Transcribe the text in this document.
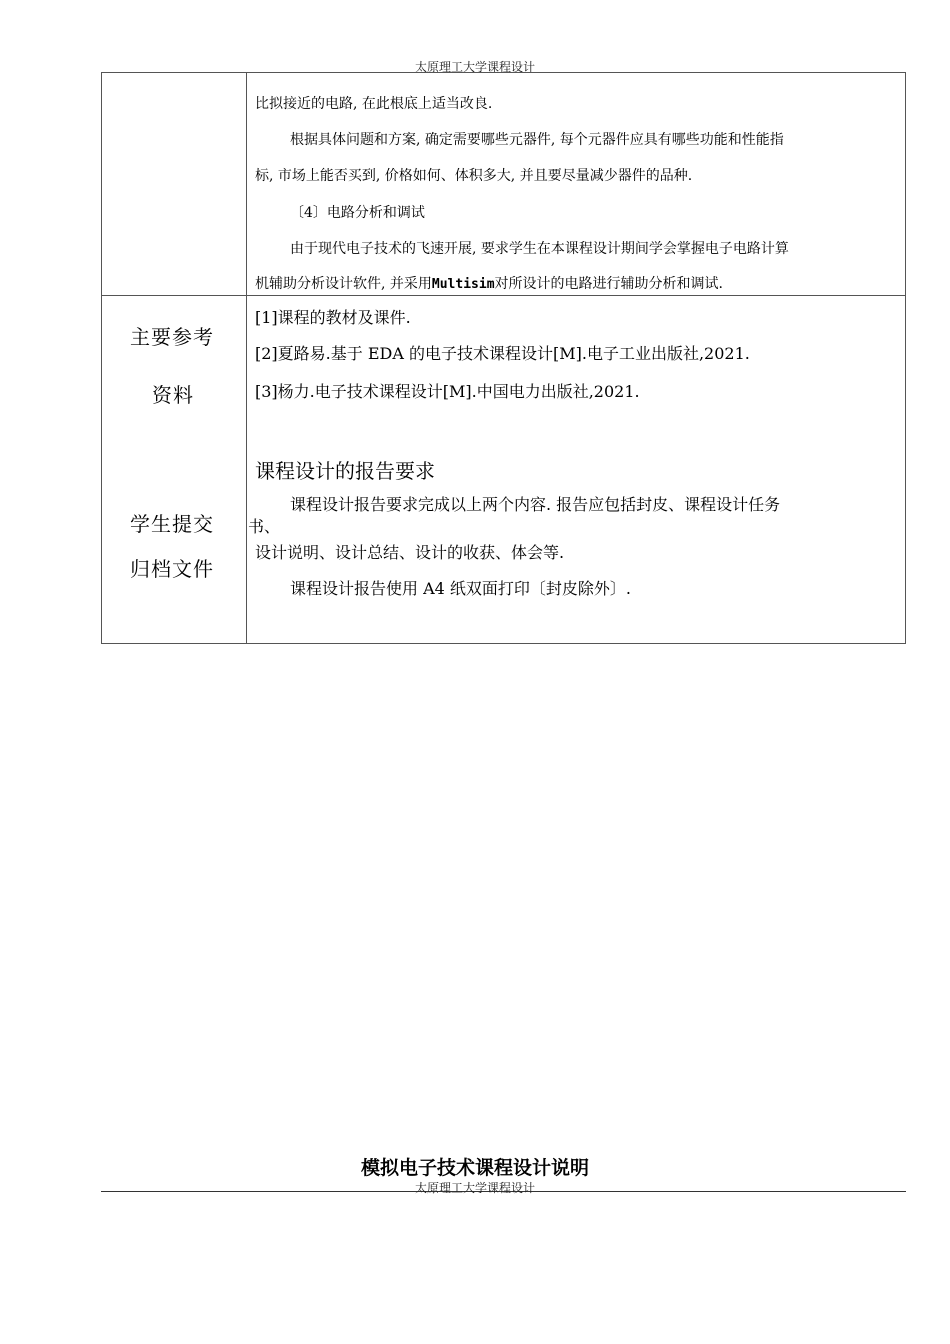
太原理工大学课程设计
比拟接近的电路, 在此根底上适当改良.
根据具体问题和方案, 确定需要哪些元器件, 每个元器件应具有哪些功能和性能指
标, 市场上能否买到, 价格如何、体积多大, 并且要尽量减少器件的品种.
〔4〕电路分析和调试
由于现代电子技术的飞速开展, 要求学生在本课程设计期间学会掌握电子电路计算
机辅助分析设计软件, 并采用Multisim对所设计的电路进行辅助分析和调试.
主要参考
资料
[1]课程的教材及课件.
[2]夏路易.基于 EDA 的电子技术课程设计[M].电子工业出版社,2021.
[3]杨力.电子技术课程设计[M].中国电力出版社,2021.
学生提交
归档文件
课程设计的报告要求
课程设计报告要求完成以上两个内容. 报告应包括封皮、课程设计任务
书、
设计说明、设计总结、设计的收获、体会等.
课程设计报告使用 A4 纸双面打印〔封皮除外〕.
模拟电子技术课程设计说明
太原理工大学课程设计
